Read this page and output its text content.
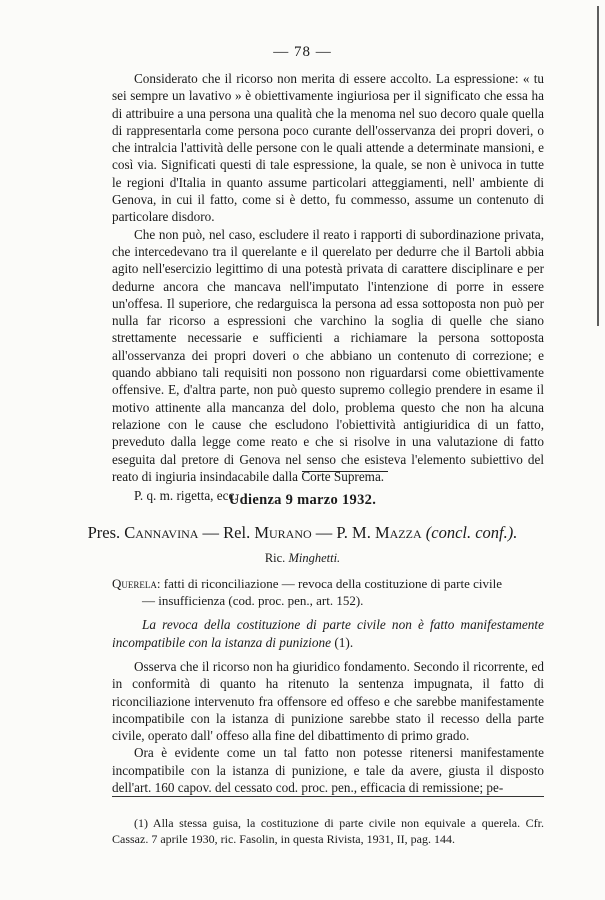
— 78 —

Considerato che il ricorso non merita di essere accolto. La espressione: « tu sei sempre un lavativo » è obiettivamente ingiuriosa per il significato che essa ha di attribuire a una persona una qualità che la menoma nel suo decoro quale quella di rappresentarla come persona poco curante dell'osservanza dei propri doveri, o che intralcia l'attività delle persone con le quali attende a determinate mansioni, e così via. Significati questi di tale espressione, la quale, se non è univoca in tutte le regioni d'Italia in quanto assume particolari atteggiamenti, nell' ambiente di Genova, in cui il fatto, come si è detto, fu commesso, assume un contenuto di particolare disdoro.

Che non può, nel caso, escludere il reato i rapporti di subordinazione privata, che intercedevano tra il querelante e il querelato per dedurre che il Bartoli abbia agito nell'esercizio legittimo di una potestà privata di carattere disciplinare e per dedurne ancora che mancava nell'imputato l'intenzione di porre in essere un'offesa. Il superiore, che redarguisca la persona ad essa sottoposta non può per nulla far ricorso a espressioni che varchino la soglia di quelle che siano strettamente necessarie e sufficienti a richiamare la persona sottoposta all'osservanza dei propri doveri o che abbiano un contenuto di correzione; e quando abbiano tali requisiti non possono non riguardarsi come obiettivamente offensive. E, d'altra parte, non può questo supremo collegio prendere in esame il motivo attinente alla mancanza del dolo, problema questo che non ha alcuna relazione con le cause che escludono l'obiettività antigiuridica di un fatto, preveduto dalla legge come reato e che si risolve in una valutazione di fatto eseguita dal pretore di Genova nel senso che esisteva l'elemento subiettivo del reato di ingiuria insindacabile dalla Corte Suprema.

P. q. m. rigetta, ecc.

Udienza 9 marzo 1932.
Pres. Cannavina — Rel. Murano — P. M. Mazza (concl. conf.).
Ric. Minghetti.
Querela: fatti di riconciliazione — revoca della costituzione di parte civile
— insufficienza (cod. proc. pen., art. 152).
La revoca della costituzione di parte civile non è fatto manifestamente incompatibile con la istanza di punizione (1).

Osserva che il ricorso non ha giuridico fondamento. Secondo il ricorrente, ed in conformità di quanto ha ritenuto la sentenza impugnata, il fatto di riconciliazione intervenuto fra offensore ed offeso e che sarebbe manifestamente incompatibile con la istanza di punizione sarebbe stato il recesso della parte civile, operato dall' offeso alla fine del dibattimento di primo grado.

Ora è evidente come un tal fatto non potesse ritenersi manifestamente incompatibile con la istanza di punizione, e tale da avere, giusta il disposto dell'art. 160 capov. del cessato cod. proc. pen., efficacia di remissione; pe-

(1) Alla stessa guisa, la costituzione di parte civile non equivale a querela. Cfr. Cassaz. 7 aprile 1930, ric. Fasolin, in questa Rivista, 1931, II, pag. 144.
